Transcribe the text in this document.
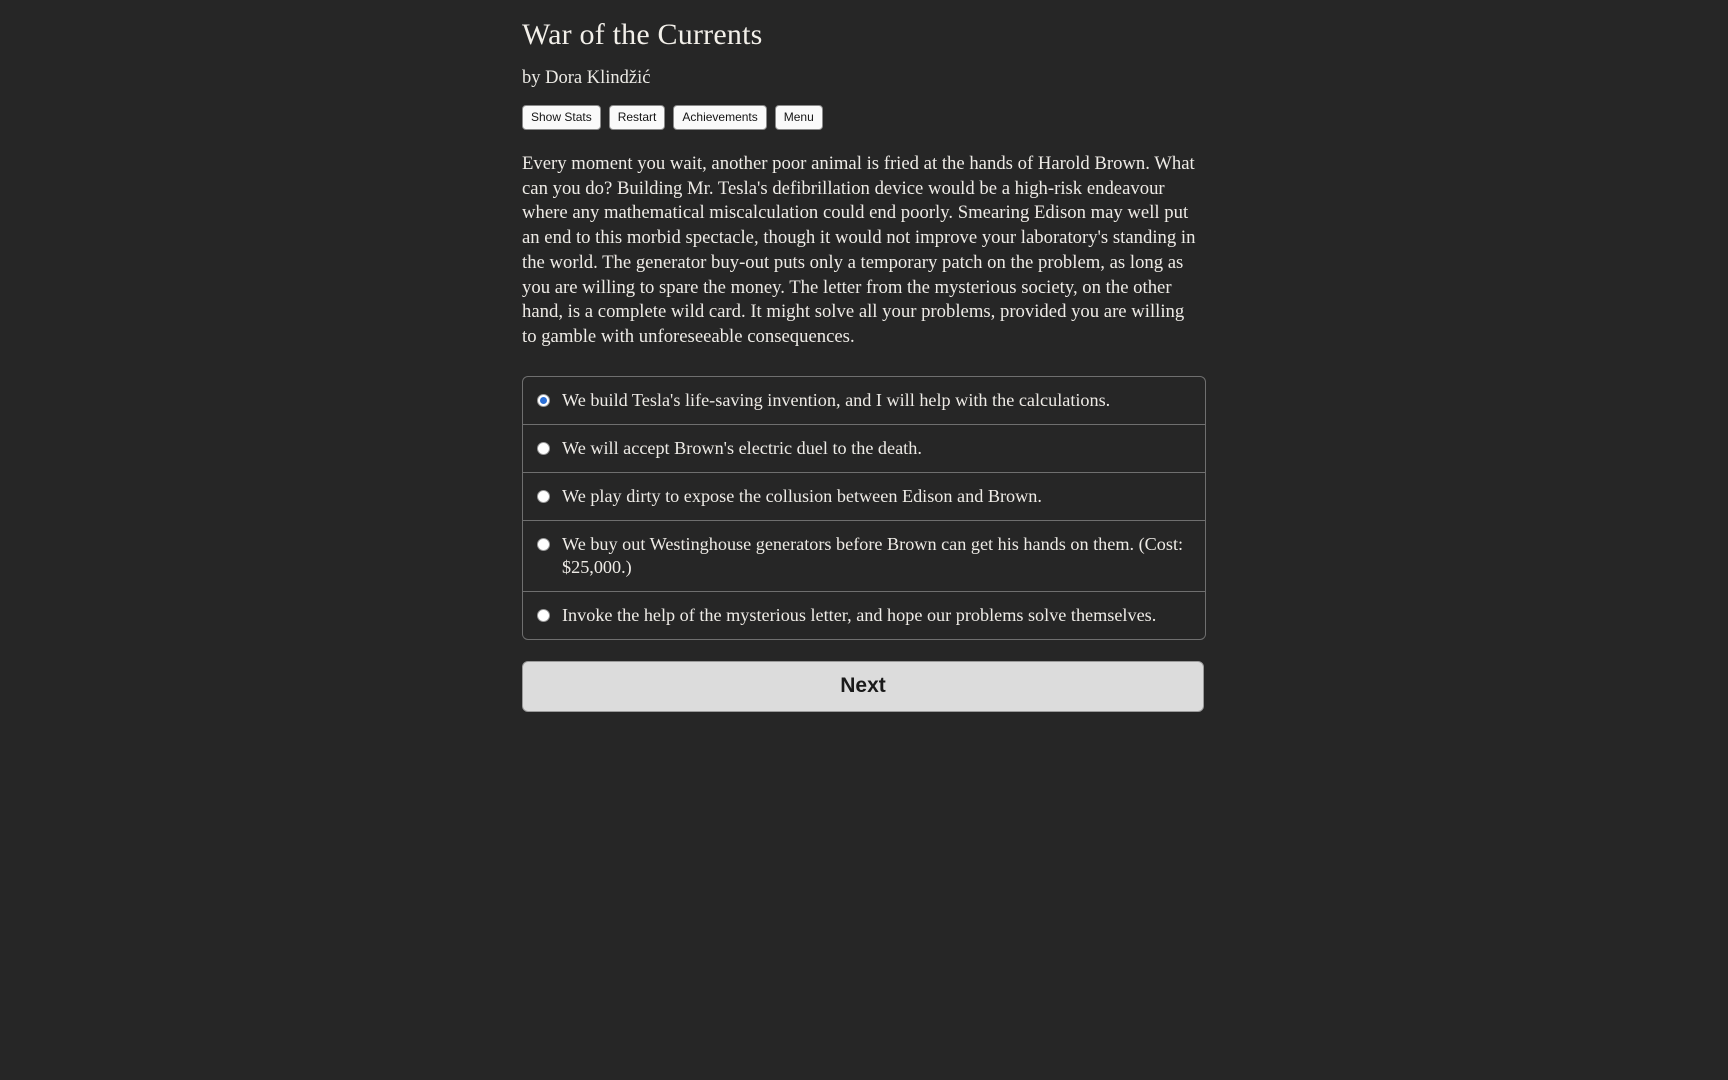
War of the Currents
by Dora Klindžić
Show Stats	Restart	Achievements	Menu

Every moment you wait, another poor animal is fried at the hands of Harold Brown. What can you do? Building Mr. Tesla's defibrillation device would be a high-risk endeavour where any mathematical miscalculation could end poorly. Smearing Edison may well put an end to this morbid spectacle, though it would not improve your laboratory's standing in the world. The generator buy-out puts only a temporary patch on the problem, as long as you are willing to spare the money. The letter from the mysterious society, on the other hand, is a complete wild card. It might solve all your problems, provided you are willing to gamble with unforeseeable consequences.

We build Tesla's life-saving invention, and I will help with the calculations.
We will accept Brown's electric duel to the death.
We play dirty to expose the collusion between Edison and Brown.
We buy out Westinghouse generators before Brown can get his hands on them. (Cost: $25,000.)
Invoke the help of the mysterious letter, and hope our problems solve themselves.
Next
